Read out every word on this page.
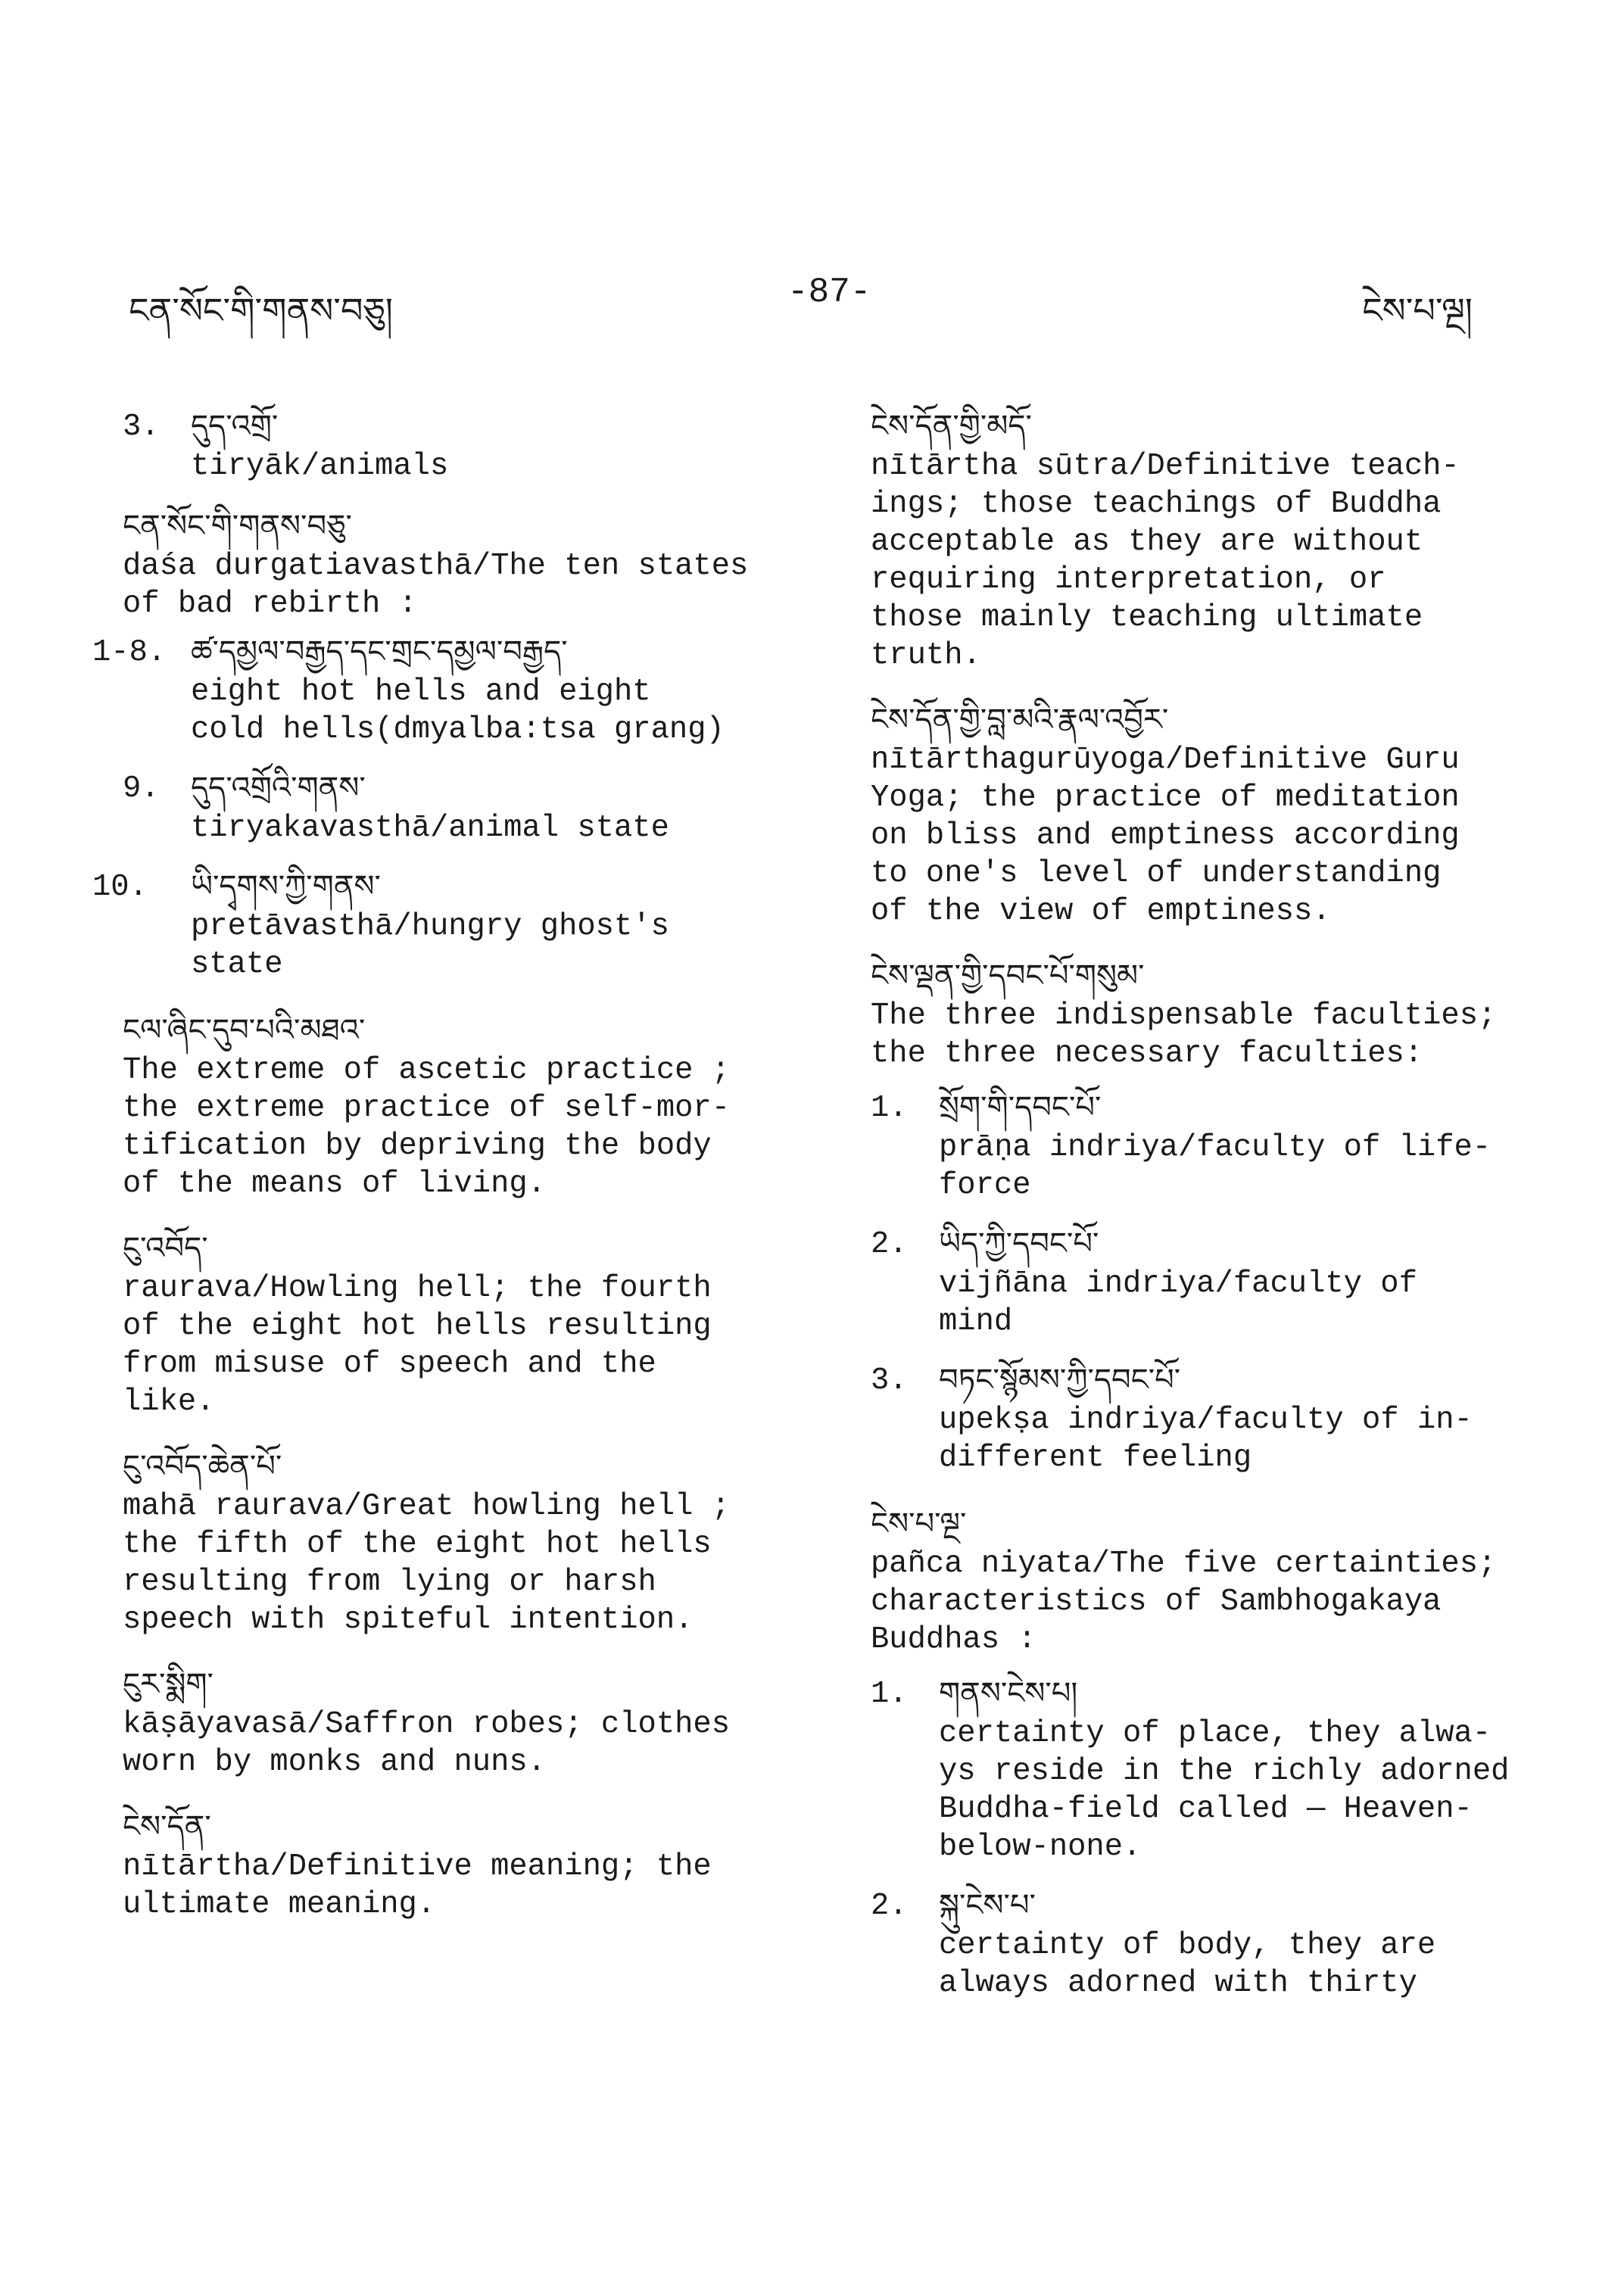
ངན་སོང་གི་གནས་བཅུ།
-87-
ངེས་པ་ལྔ།
3. དུད་འགྲོ་
tiryāk/animals
ངན་སོང་གི་གནས་བཅུ་
daśa durgatiavasthā/The ten states
of bad rebirth :
1-8. ཚ་དམྱལ་བརྒྱད་དང་གྲང་དམྱལ་བརྒྱད་
eight hot hells and eight
cold hells(dmyalba:tsa grang)
9. དུད་འགྲོའི་གནས་
tiryakavasthā/animal state
10. ཡི་དྭགས་ཀྱི་གནས་
pretāvasthā/hungry ghost's
state
ངལ་ཞིང་དུབ་པའི་མཐའ་
The extreme of ascetic practice ;
the extreme practice of self-mor-
tification by depriving the body
of the means of living.
ངུ་འབོད་
raurava/Howling hell; the fourth
of the eight hot hells resulting
from misuse of speech and the
like.
ངུ་འབོད་ཆེན་པོ་
mahā raurava/Great howling hell ;
the fifth of the eight hot hells
resulting from lying or harsh
speech with spiteful intention.
ངུར་སྨིག་
kāṣāyavasā/Saffron robes; clothes
worn by monks and nuns.
ངེས་དོན་
nītārtha/Definitive meaning; the
ultimate meaning.
ངེས་དོན་གྱི་མདོ་
nītārtha sūtra/Definitive teach-
ings; those teachings of Buddha
acceptable as they are without
requiring interpretation, or
those mainly teaching ultimate
truth.
ངེས་དོན་གྱི་བླ་མའི་རྣལ་འབྱོར་
nītārthagurūyoga/Definitive Guru
Yoga; the practice of meditation
on bliss and emptiness according
to one's level of understanding
of the view of emptiness.
ངེས་ལྡན་གྱི་དབང་པོ་གསུམ་
The three indispensable faculties;
the three necessary faculties:
1. སྲོག་གི་དབང་པོ་
prāṇa indriya/faculty of life-
force
2. ཡིད་ཀྱི་དབང་པོ་
vijñāna indriya/faculty of
mind
3. བཏང་སྙོམས་ཀྱི་དབང་པོ་
upekṣa indriya/faculty of in-
different feeling
ངེས་པ་ལྔ་
pañca niyata/The five certainties;
characteristics of Sambhogakaya
Buddhas :
1. གནས་ངེས་པ།
certainty of place, they alwa-
ys reside in the richly adorned
Buddha-field called — Heaven-
below-none.
2. སྐུ་ངེས་པ་
certainty of body, they are
always adorned with thirty
